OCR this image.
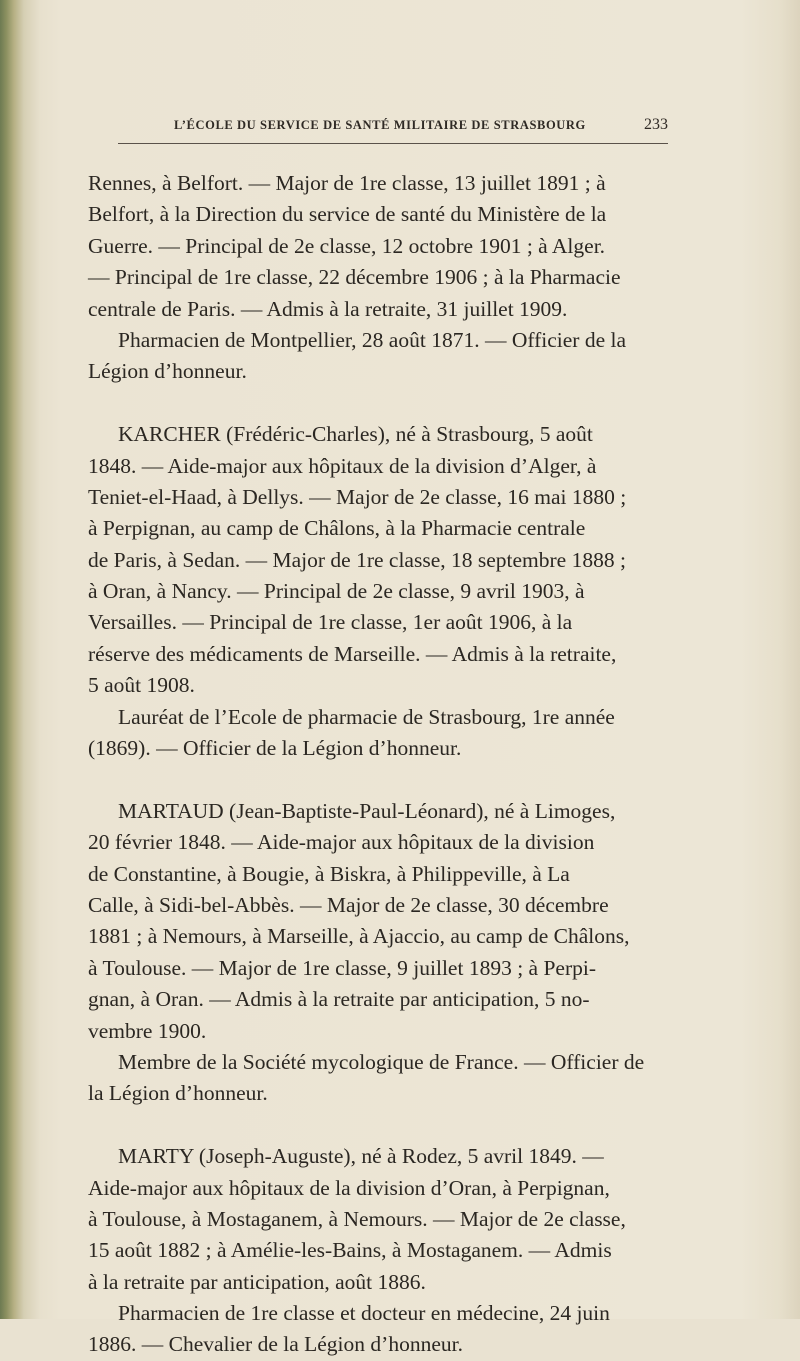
L’ÉCOLE DU SERVICE DE SANTÉ MILITAIRE DE STRASBOURG	233
Rennes, à Belfort. — Major de 1re classe, 13 juillet 1891 ; à
Belfort, à la Direction du service de santé du Ministère de la
Guerre. — Principal de 2e classe, 12 octobre 1901 ; à Alger.
— Principal de 1re classe, 22 décembre 1906 ; à la Pharmacie
centrale de Paris. — Admis à la retraite, 31 juillet 1909.
Pharmacien de Montpellier, 28 août 1871. — Officier de la
Légion d’honneur.
KARCHER (Frédéric-Charles), né à Strasbourg, 5 août
1848. — Aide-major aux hôpitaux de la division d’Alger, à
Teniet-el-Haad, à Dellys. — Major de 2e classe, 16 mai 1880 ;
à Perpignan, au camp de Châlons, à la Pharmacie centrale
de Paris, à Sedan. — Major de 1re classe, 18 septembre 1888 ;
à Oran, à Nancy. — Principal de 2e classe, 9 avril 1903, à
Versailles. — Principal de 1re classe, 1er août 1906, à la
réserve des médicaments de Marseille. — Admis à la retraite,
5 août 1908.
Lauréat de l’Ecole de pharmacie de Strasbourg, 1re année
(1869). — Officier de la Légion d’honneur.
MARTAUD (Jean-Baptiste-Paul-Léonard), né à Limoges,
20 février 1848. — Aide-major aux hôpitaux de la division
de Constantine, à Bougie, à Biskra, à Philippeville, à La
Calle, à Sidi-bel-Abbès. — Major de 2e classe, 30 décembre
1881 ; à Nemours, à Marseille, à Ajaccio, au camp de Châlons,
à Toulouse. — Major de 1re classe, 9 juillet 1893 ; à Perpi-
gnan, à Oran. — Admis à la retraite par anticipation, 5 no-
vembre 1900.
Membre de la Société mycologique de France. — Officier de
la Légion d’honneur.
MARTY (Joseph-Auguste), né à Rodez, 5 avril 1849. —
Aide-major aux hôpitaux de la division d’Oran, à Perpignan,
à Toulouse, à Mostaganem, à Nemours. — Major de 2e classe,
15 août 1882 ; à Amélie-les-Bains, à Mostaganem. — Admis
à la retraite par anticipation, août 1886.
Pharmacien de 1re classe et docteur en médecine, 24 juin
1886. — Chevalier de la Légion d’honneur.
